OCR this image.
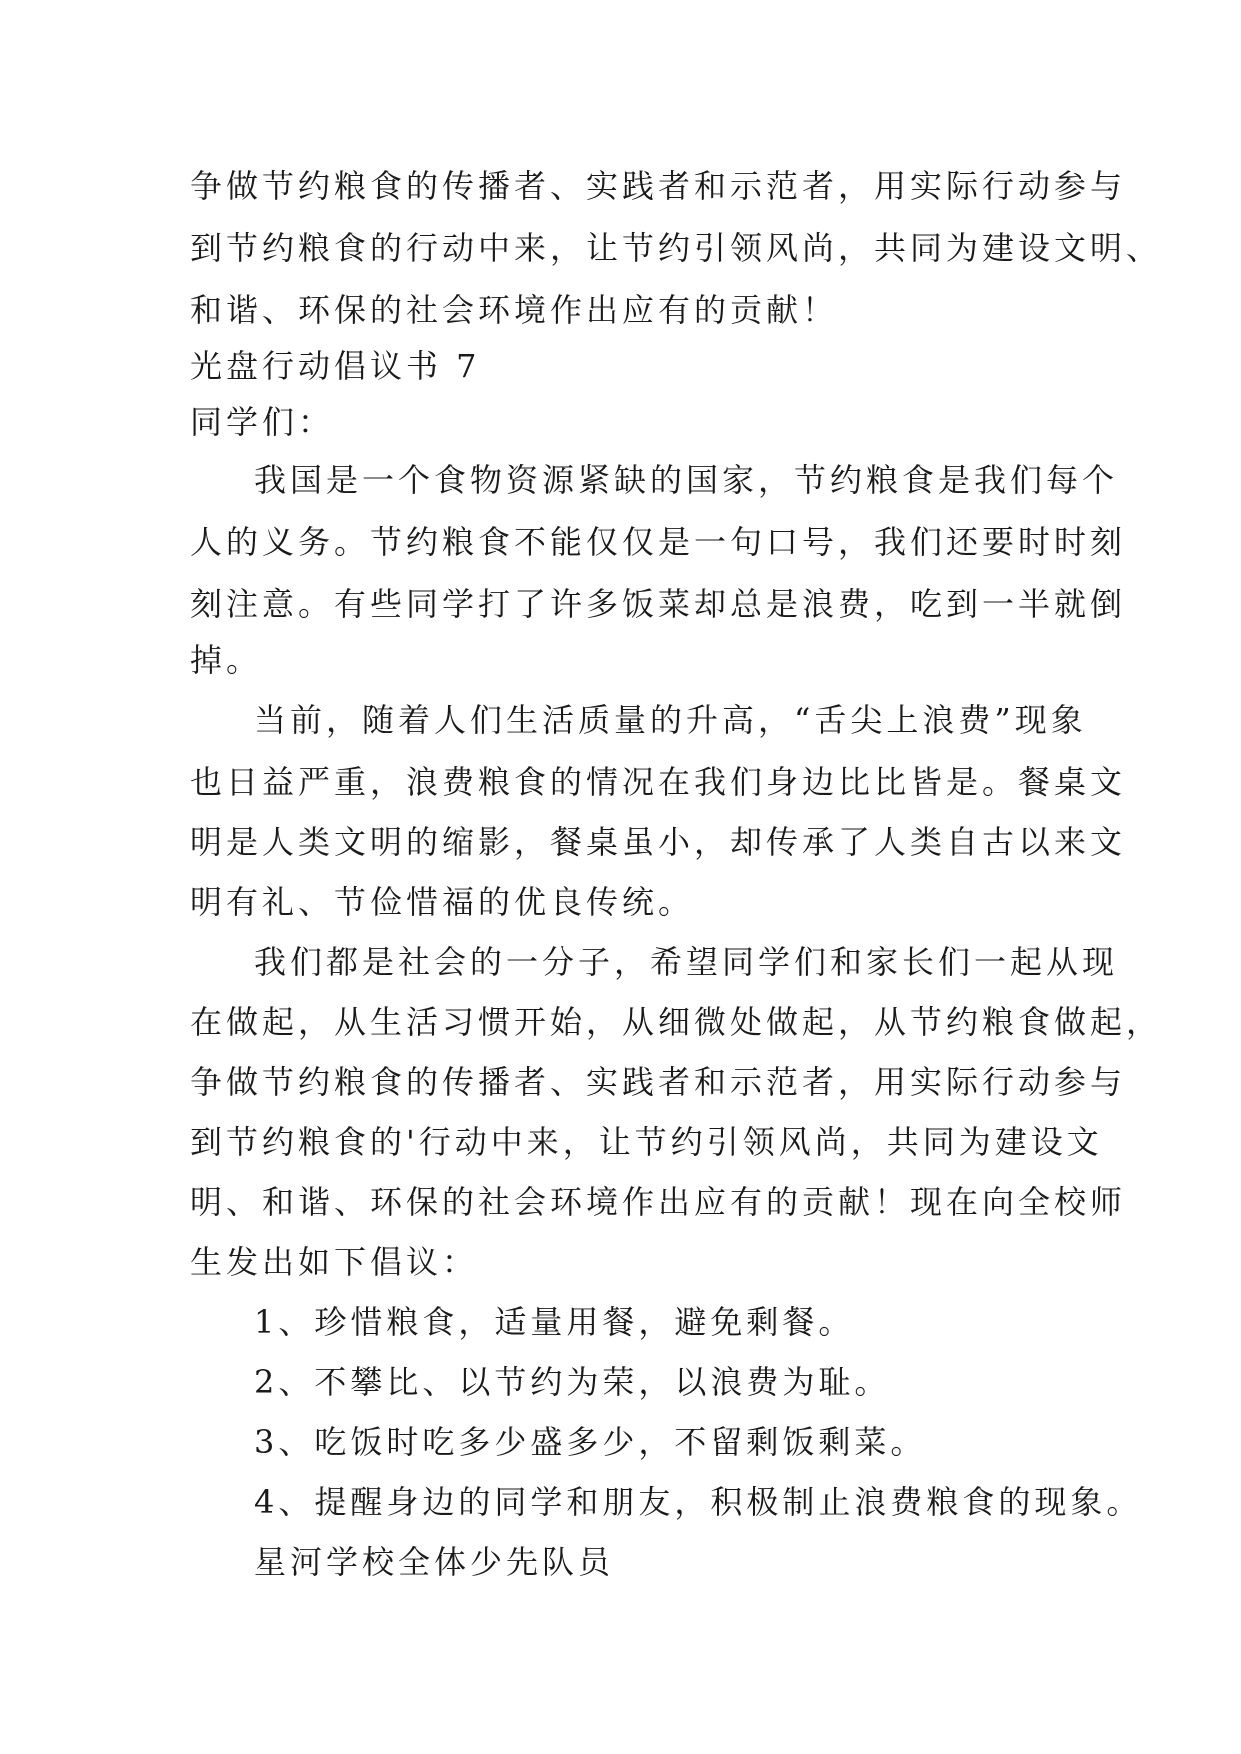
争做节约粮食的传播者、实践者和示范者，用实际行动参与
到节约粮食的行动中来，让节约引领风尚，共同为建设文明、
和谐、环保的社会环境作出应有的贡献！
光盘行动倡议书 7
同学们：
我国是一个食物资源紧缺的国家，节约粮食是我们每个
人的义务。节约粮食不能仅仅是一句口号，我们还要时时刻
刻注意。有些同学打了许多饭菜却总是浪费，吃到一半就倒
掉。
当前，随着人们生活质量的升高，“舌尖上浪费”现象
也日益严重，浪费粮食的情况在我们身边比比皆是。餐桌文
明是人类文明的缩影，餐桌虽小，却传承了人类自古以来文
明有礼、节俭惜福的优良传统。
我们都是社会的一分子，希望同学们和家长们一起从现
在做起，从生活习惯开始，从细微处做起，从节约粮食做起，
争做节约粮食的传播者、实践者和示范者，用实际行动参与
到节约粮食的'行动中来，让节约引领风尚，共同为建设文
明、和谐、环保的社会环境作出应有的贡献！现在向全校师
生发出如下倡议：
1、珍惜粮食，适量用餐，避免剩餐。
2、不攀比、以节约为荣，以浪费为耻。
3、吃饭时吃多少盛多少，不留剩饭剩菜。
4、提醒身边的同学和朋友，积极制止浪费粮食的现象。
星河学校全体少先队员
